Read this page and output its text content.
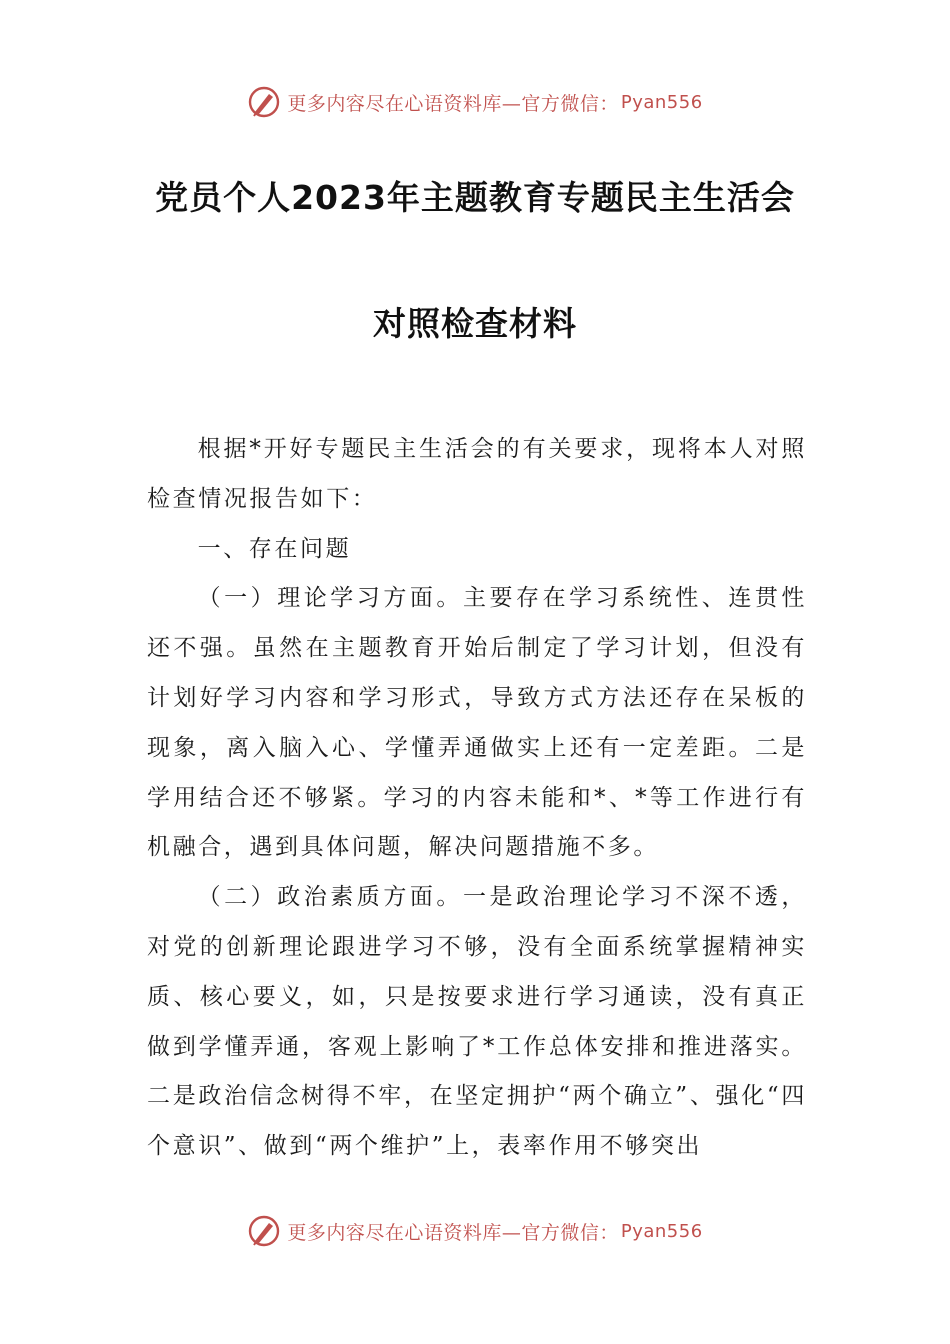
更多内容尽在心语资料库—官方微信： Pyan556
党员个人2023年主题教育专题民主生活会
对照检查材料

根据*开好专题民主生活会的有关要求，现将本人对照检查情况报告如下：

一、存在问题

（一）理论学习方面。主要存在学习系统性、连贯性还不强。虽然在主题教育开始后制定了学习计划，但没有计划好学习内容和学习形式，导致方式方法还存在呆板的现象，离入脑入心、学懂弄通做实上还有一定差距。二是学用结合还不够紧。学习的内容未能和*、*等工作进行有机融合，遇到具体问题，解决问题措施不多。

（二）政治素质方面。一是政治理论学习不深不透，对党的创新理论跟进学习不够，没有全面系统掌握精神实质、核心要义，如，只是按要求进行学习通读，没有真正做到学懂弄通，客观上影响了*工作总体安排和推进落实。二是政治信念树得不牢，在坚定拥护“两个确立”、强化“四个意识”、做到“两个维护”上，表率作用不够突出

更多内容尽在心语资料库—官方微信： Pyan556
